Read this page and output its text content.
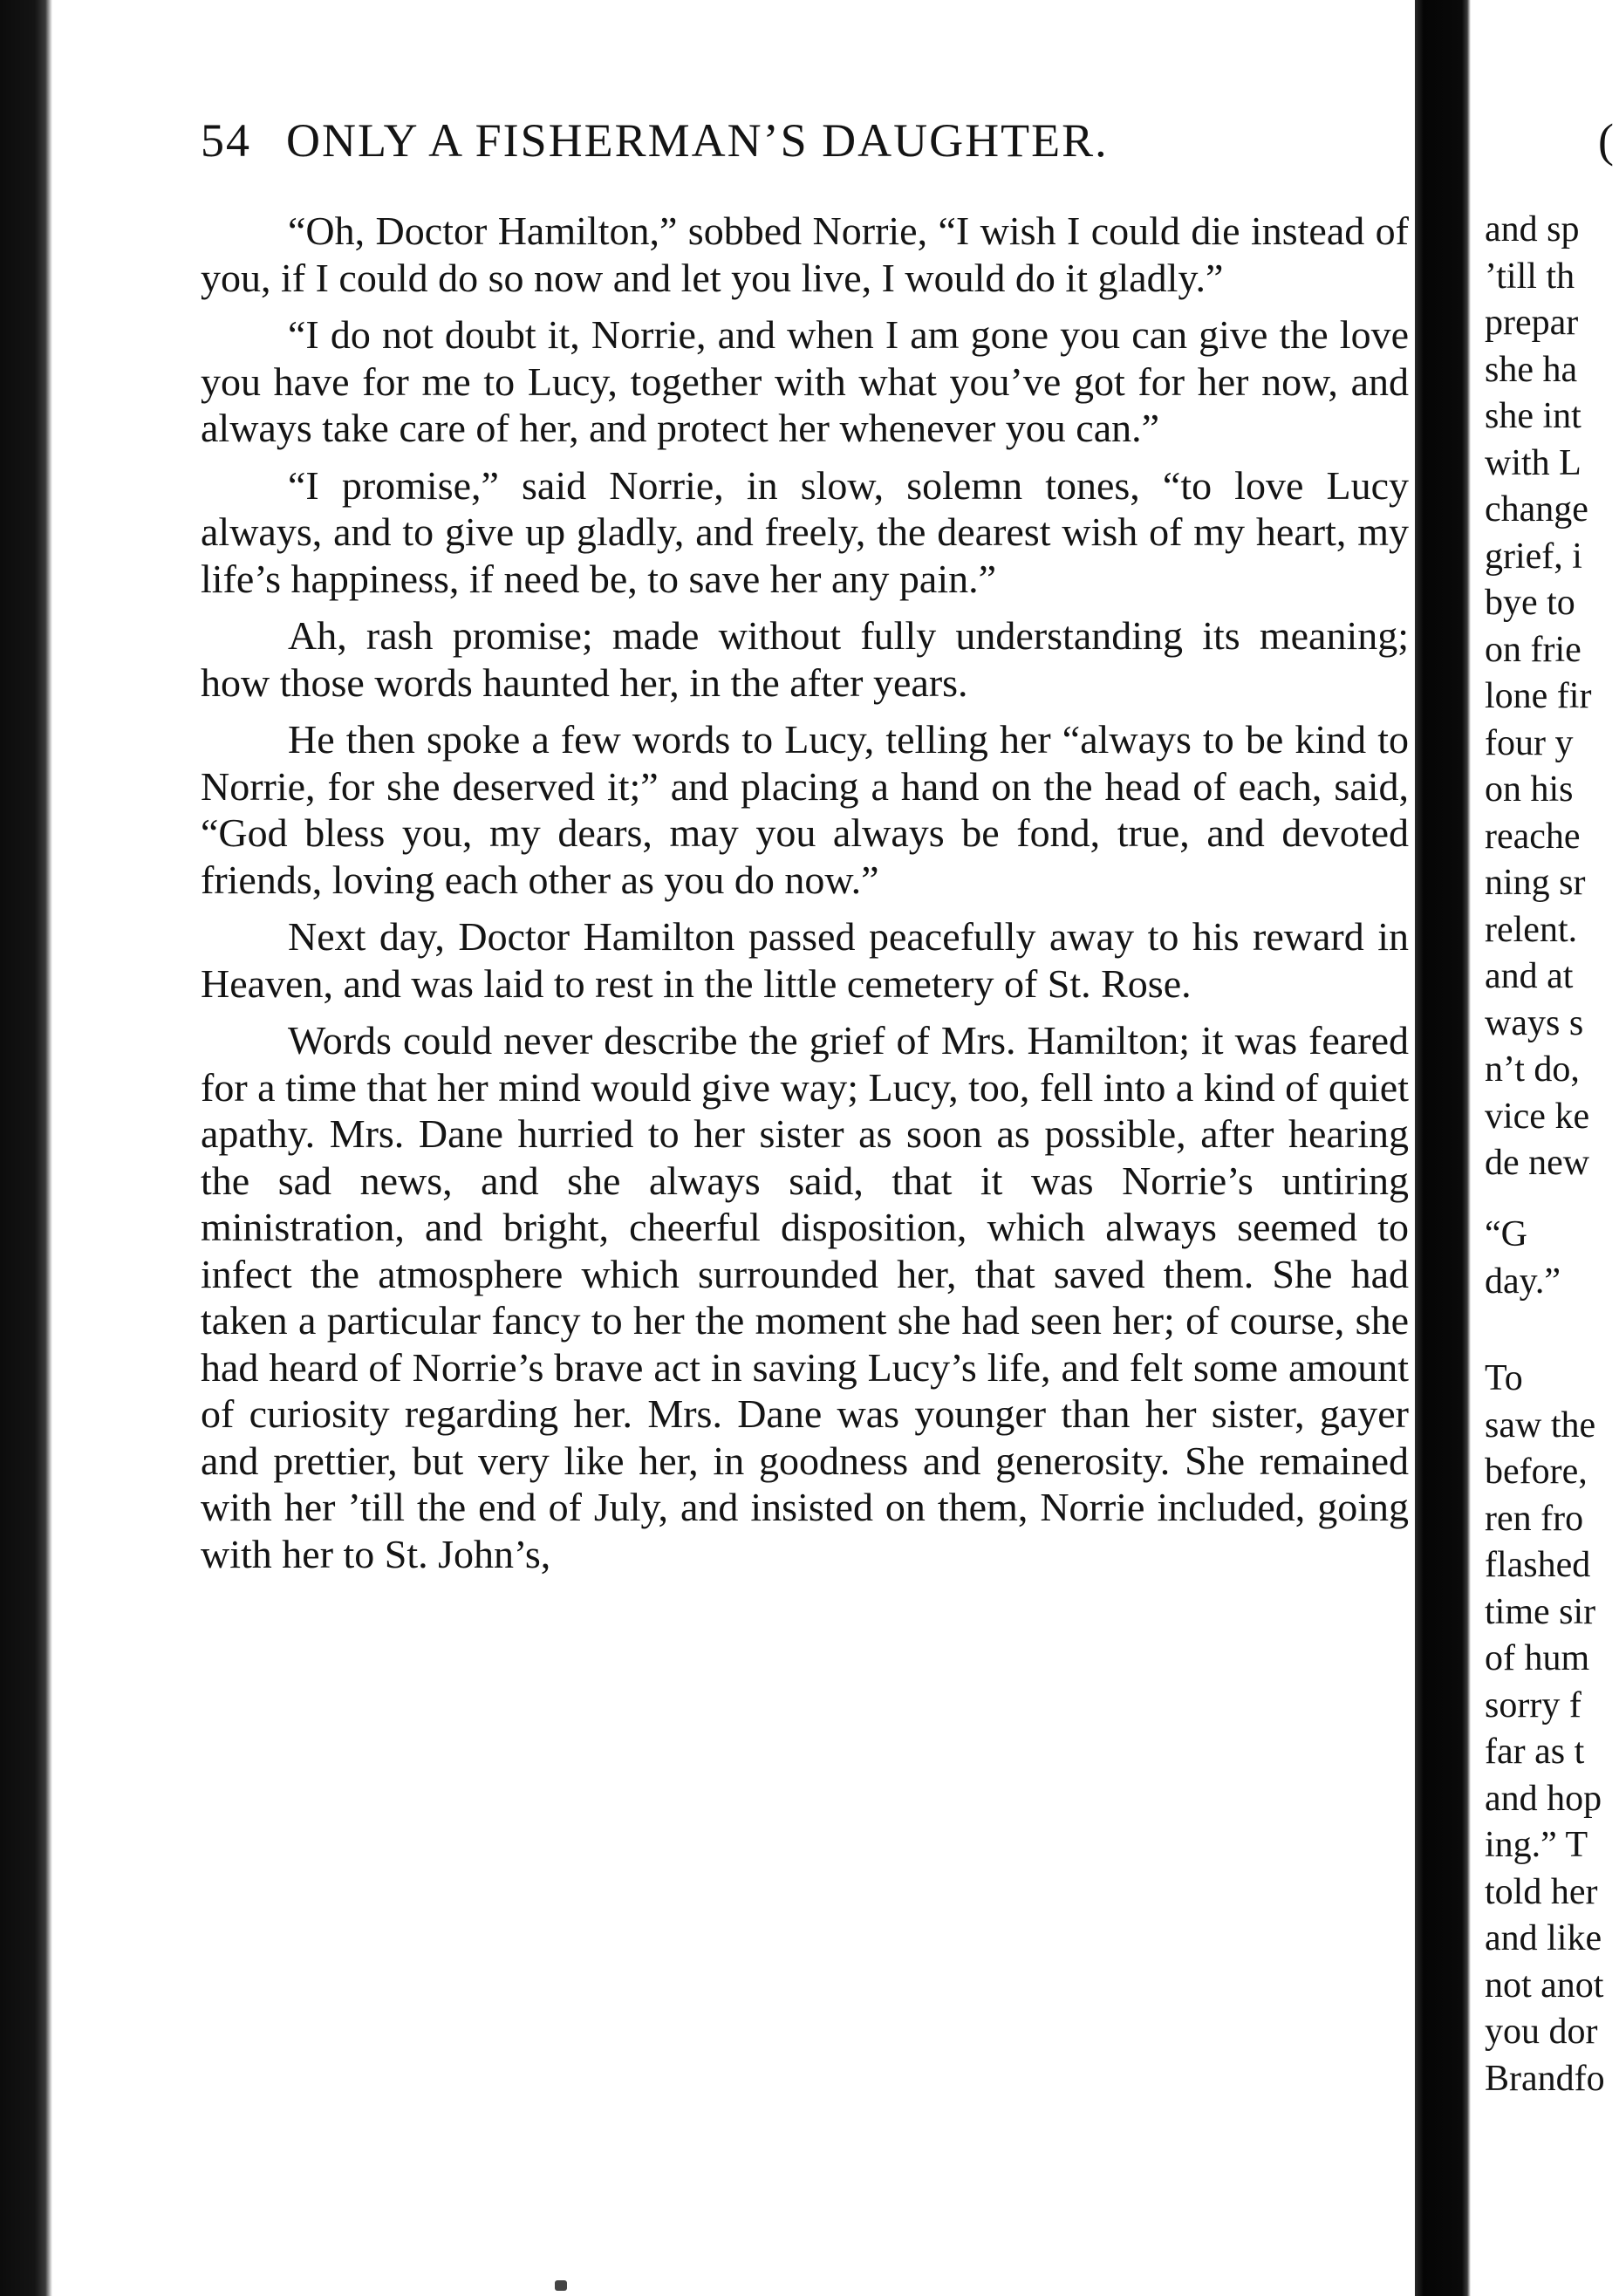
54 ONLY A FISHERMAN’S DAUGHTER.

“Oh, Doctor Hamilton,” sobbed Norrie, “I wish I could die instead of you, if I could do so now and let you live, I would do it gladly.”

“I do not doubt it, Norrie, and when I am gone you can give the love you have for me to Lucy, together with what you’ve got for her now, and always take care of her, and protect her whenever you can.”

“I promise,” said Norrie, in slow, solemn tones, “to love Lucy always, and to give up gladly, and freely, the dearest wish of my heart, my life’s happiness, if need be, to save her any pain.”

Ah, rash promise; made without fully understanding its meaning; how those words haunted her, in the after years.

He then spoke a few words to Lucy, telling her “always to be kind to Norrie, for she deserved it;” and placing a hand on the head of each, said, “God bless you, my dears, may you always be fond, true, and devoted friends, loving each other as you do now.”

Next day, Doctor Hamilton passed peacefully away to his reward in Heaven, and was laid to rest in the little cemetery of St. Rose.

Words could never describe the grief of Mrs. Hamilton; it was feared for a time that her mind would give way; Lucy, too, fell into a kind of quiet apathy. Mrs. Dane hurried to her sister as soon as possible, after hearing the sad news, and she always said, that it was Norrie’s untiring ministration, and bright, cheerful disposition, which always seemed to infect the atmosphere which surrounded her, that saved them. She had taken a particular fancy to her the moment she had seen her; of course, she had heard of Norrie’s brave act in saving Lucy’s life, and felt some amount of curiosity regarding her. Mrs. Dane was younger than her sister, gayer and prettier, but very like her, in goodness and generosity. She remained with her ’till the end of July, and insisted on them, Norrie included, going with her to St. John’s,

(
and sp
’till th
prepar
she ha
she int
with L
change
grief, i
bye to
on frie
lone fir
four y
on his
reache
ning sr
relent.
and at
ways s
n’t do,
vice ke
de new
“G
day.”
To
saw the
before,
ren fro
flashed
time sir
of hum
sorry f
far as t
and hop
ing.” T
told her
and like
not anot
you dor
Brandfo
